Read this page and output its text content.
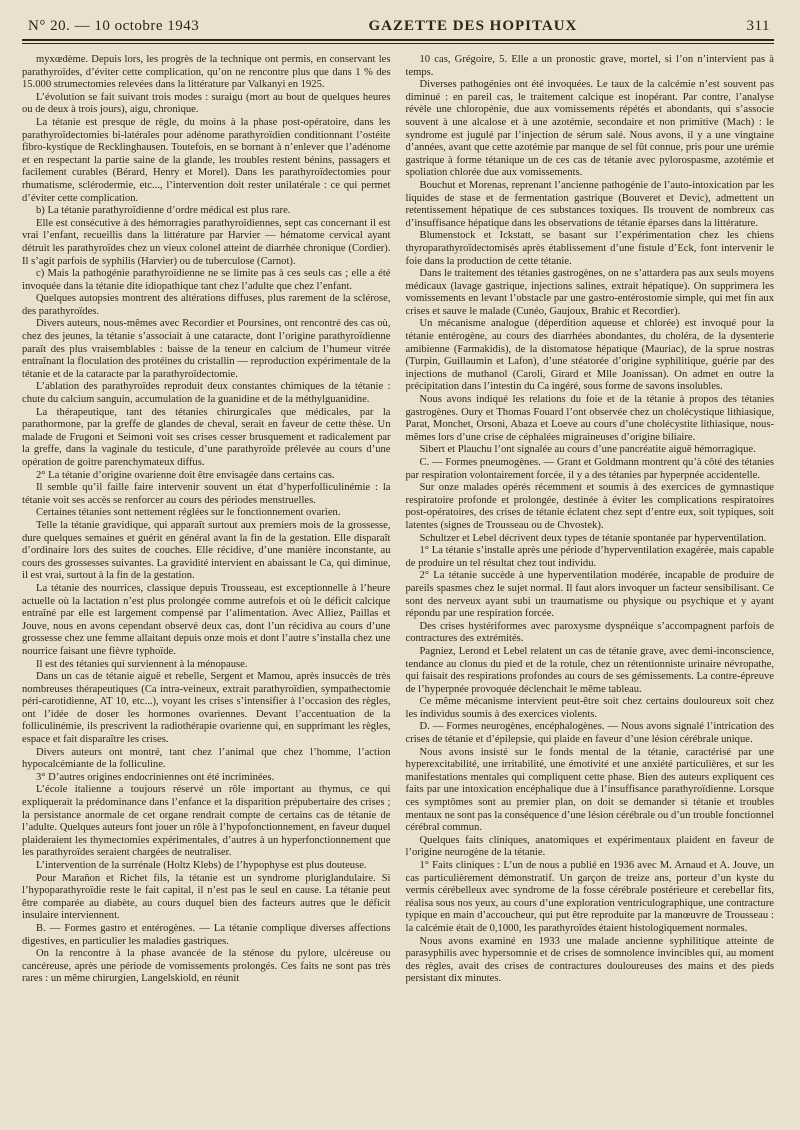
N° 20. — 10 octobre 1943	GAZETTE DES HOPITAUX	311

myxœdème. Depuis lors, les progrès de la technique ont permis, en conservant les parathyroïdes, d’éviter cette complication, qu’on ne rencontre plus que dans 1 % des 15.000 strumectomies relevées dans la littérature par Valkanyi en 1925.

L’évolution se fait suivant trois modes : suraigu (mort au bout de quelques heures ou de deux à trois jours), aigu, chronique.

La tétanie est presque de règle, du moins à la phase post-opératoire, dans les parathyroïdectomies bi-latérales pour adénome parathyroïdien conditionnant l’ostéite fibro-kystique de Recklinghausen. Toutefois, en se bornant à n’enlever que l’adénome et en respectant la partie saine de la glande, les troubles restent bénins, passagers et facilement curables (Bérard, Henry et Morel). Dans les parathyroïdectomies pour rhumatisme, sclérodermie, etc..., l’intervention doit rester unilatérale : ce qui permet d’éviter cette complication.

b) La tétanie parathyroïdienne d’ordre médical est plus rare.

Elle est consécutive à des hémorragies parathyroïdiennes, sept cas concernant il est vrai l’enfant, recueillis dans la littérature par Harvier — hématome cervical ayant détruit les parathyroïdes chez un vieux colonel atteint de diarrhée chronique (Cordier). Il s’agit parfois de syphilis (Harvier) ou de tuberculose (Carnot).

c) Mais la pathogénie parathyroïdienne ne se limite pas à ces seuls cas ; elle a été invoquée dans la tétanie dite idiopathique tant chez l’adulte que chez l’enfant.

Quelques autopsies montrent des altérations diffuses, plus rarement de la sclérose, des parathyroïdes.

Divers auteurs, nous-mêmes avec Recordier et Poursines, ont rencontré des cas où, chez des jeunes, la tétanie s’associait à une cataracte, dont l’origine parathyroïdienne paraît des plus vraisemblables : baisse de la teneur en calcium de l’humeur vitrée entraînant la floculation des protéines du cristallin — reproduction expérimentale de la tétanie et de la cataracte par la parathyroïdectomie.

L’ablation des parathyroïdes reproduit deux constantes chimiques de la tétanie : chute du calcium sanguin, accumulation de la guanidine et de la méthylguanidine.

La thérapeutique, tant des tétanies chirurgicales que médicales, par la parathormone, par la greffe de glandes de cheval, serait en faveur de cette thèse. Un malade de Frugoni et Seimoni voit ses crises cesser brusquement et radicalement par la greffe, dans la vaginale du testicule, d’une parathyroïde prélevée au cours d’une opération de goitre parenchymateux diffus.

2° La tétanie d’origine ovarienne doit être envisagée dans certains cas.

Il semble qu’il faille faire intervenir souvent un état d’hyperfolliculinémie : la tétanie voit ses accès se renforcer au cours des périodes menstruelles.

Certaines tétanies sont nettement réglées sur le fonctionnement ovarien.

Telle la tétanie gravidique, qui apparaît surtout aux premiers mois de la grossesse, dure quelques semaines et guérit en général avant la fin de la gestation. Elle disparaît d’ordinaire lors des suites de couches. Elle récidive, d’une manière inconstante, au cours des grossesses suivantes. La gravidité intervient en abaissant le Ca, qui diminue, il est vrai, surtout à la fin de la gestation.

La tétanie des nourrices, classique depuis Trousseau, est exceptionnelle à l’heure actuelle où la lactation n’est plus prolongée comme autrefois et où le déficit calcique entraîné par elle est largement compensé par l’alimentation. Avec Alliez, Paillas et Jouve, nous en avons cependant observé deux cas, dont l’un récidiva au cours d’une grossesse chez une femme allaitant depuis onze mois et dont l’autre s’installa chez une nourrice faisant une fièvre typhoïde.

Il est des tétanies qui surviennent à la ménopause.

Dans un cas de tétanie aiguë et rebelle, Sergent et Mamou, après insuccès de très nombreuses thérapeutiques (Ca intra-veineux, extrait parathyroïdien, sympathectomie péri-carotidienne, AT 10, etc...), voyant les crises s’intensifier à l’occasion des règles, ont l’idée de doser les hormones ovariennes. Devant l’accentuation de la folliculinémie, ils prescrivent la radiothérapie ovarienne qui, en supprimant les règles, espace et fait disparaître les crises.

Divers auteurs ont montré, tant chez l’animal que chez l’homme, l’action hypocalcémiante de la folliculine.

3° D’autres origines endocriniennes ont été incriminées.

L’école italienne a toujours réservé un rôle important au thymus, ce qui expliquerait la prédominance dans l’enfance et la disparition prépubertaire des crises ; la persistance anormale de cet organe rendrait compte de certains cas de tétanie de l’adulte. Quelques auteurs font jouer un rôle à l’hypofonctionnement, en faveur duquel plaideraient les thymectomies expérimentales, d’autres à un hyperfonctionnement que les parathyroïdes seraient chargées de neutraliser.

L’intervention de la surrénale (Holtz Klebs) de l’hypophyse est plus douteuse.

Pour Marañon et Richet fils, la tétanie est un syndrome pluriglandulaire. Si l’hypoparathyroïdie reste le fait capital, il n’est pas le seul en cause. La tétanie peut être comparée au diabète, au cours duquel bien des facteurs autres que le déficit insulaire interviennent.

B. — Formes gastro et entérogènes. — La tétanie complique diverses affections digestives, en particulier les maladies gastriques.

On la rencontre à la phase avancée de la sténose du pylore, ulcéreuse ou cancéreuse, après une période de vomissements prolongés. Ces faits ne sont pas très rares : un même chirurgien, Langelskiold, en réunit

10 cas, Grégoire, 5. Elle a un pronostic grave, mortel, si l’on n’intervient pas à temps.

Diverses pathogénies ont été invoquées. Le taux de la calcémie n’est souvent pas diminué : en pareil cas, le traitement calcique est inopérant. Par contre, l’analyse révèle une chloropénie, due aux vomissements répétés et abondants, qui s’associe souvent à une alcalose et à une azotémie, secondaire et non primitive (Mach) : le syndrome est jugulé par l’injection de sérum salé. Nous avons, il y a une vingtaine d’années, avant que cette azotémie par manque de sel fût connue, pris pour une urémie gastrique à forme tétanique un de ces cas de tétanie avec pylorospasme, azotémie et spoliation chlorée due aux vomissements.

Bouchut et Morenas, reprenant l’ancienne pathogénie de l’auto-intoxication par les liquides de stase et de fermentation gastrique (Bouveret et Devic), admettent un retentissement hépatique de ces substances toxiques. Ils trouvent de nombreux cas d’insuffisance hépatique dans les observations de tétanie éparses dans la littérature.

Blumenstock et Ickstatt, se basant sur l’expérimentation chez les chiens thyroparathyroïdectomisés après établissement d’une fistule d’Eck, font intervenir le foie dans la production de cette tétanie.

Dans le traitement des tétanies gastrogènes, on ne s’attardera pas aux seuls moyens médicaux (lavage gastrique, injections salines, extrait hépatique). On supprimera les vomissements en levant l’obstacle par une gastro-entérostomie simple, qui met fin aux crises et sauve le malade (Cunéo, Gaujoux, Brahic et Recordier).

Un mécanisme analogue (déperdition aqueuse et chlorée) est invoqué pour la tétanie entérogène, au cours des diarrhées abondantes, du choléra, de la dysenterie amibienne (Farmakidis), de la distomatose hépatique (Mauriac), de la sprue nostras (Turpin, Guillaumin et Lafon), d’une stéatorée d’origine syphilitique, guérie par des injections de muthanol (Caroli, Girard et Mlle Joanissan). On admet en outre la précipitation dans l’intestin du Ca ingéré, sous forme de savons insolubles.

Nous avons indiqué les relations du foie et de la tétanie à propos des tétanies gastrogènes. Oury et Thomas Fouard l’ont observée chez un cholécystique lithiasique, Parat, Monchet, Orsoni, Abaza et Loeve au cours d’une cholécystite lithiasique, nous-mêmes lors d’une crise de céphalées migraineuses d’origine biliaire.

Sibert et Plauchu l’ont signalée au cours d’une pancréatite aiguë hémorragique.

C. — Formes pneumogènes. — Grant et Goldmann montrent qu’à côté des tétanies par respiration volontairement forcée, il y a des tétanies par hyperpnée accidentelle.

Sur onze malades opérés récemment et soumis à des exercices de gymnastique respiratoire profonde et prolongée, destinée à éviter les complications respiratoires post-opératoires, des crises de tétanie éclatent chez sept d’entre eux, soit typiques, soit latentes (signes de Trousseau ou de Chvostek).

Schultzer et Lebel décrivent deux types de tétanie spontanée par hyperventilation.

1° La tétanie s’installe après une période d’hyperventilation exagérée, mais capable de produire un tel résultat chez tout individu.

2° La tétanie succède à une hyperventilation modérée, incapable de produire de pareils spasmes chez le sujet normal. Il faut alors invoquer un facteur sensibilisant. Ce sont des nerveux ayant subi un traumatisme ou physique ou psychique et y ayant répondu par une respiration forcée.

Des crises hystériformes avec paroxysme dyspnéique s’accompagnent parfois de contractures des extrémités.

Pagniez, Lerond et Lebel relatent un cas de tétanie grave, avec demi-inconscience, tendance au clonus du pied et de la rotule, chez un rétentionniste urinaire névropathe, qui faisait des respirations profondes au cours de ses gémissements. La contre-épreuve de l’hyperpnée provoquée déclenchait le même tableau.

Ce même mécanisme intervient peut-être soit chez certains douloureux soit chez les individus soumis à des exercices violents.

D. — Formes neurogènes, encéphalogènes. — Nous avons signalé l’intrication des crises de tétanie et d’épilepsie, qui plaide en faveur d’une lésion cérébrale unique.

Nous avons insisté sur le fonds mental de la tétanie, caractérisé par une hyperexcitabilité, une irritabilité, une émotivité et une anxiété particulières, et sur les manifestations mentales qui compliquent cette phase. Bien des auteurs expliquent ces faits par une intoxication encéphalique due à l’insuffisance parathyroïdienne. Lorsque ces symptômes sont au premier plan, on doit se demander si tétanie et troubles mentaux ne sont pas la conséquence d’une lésion cérébrale ou d’un trouble fonctionnel cérébral commun.

Quelques faits cliniques, anatomiques et expérimentaux plaident en faveur de l’origine neurogène de la tétanie.

1° Faits cliniques : L’un de nous a publié en 1936 avec M. Arnaud et A. Jouve, un cas particulièrement démonstratif. Un garçon de treize ans, porteur d’un kyste du vermis cérébelleux avec syndrome de la fosse cérébrale postérieure et cerebellar fits, réalisa sous nos yeux, au cours d’une exploration ventriculographique, une contracture typique en main d’accoucheur, qui put être reproduite par la manœuvre de Trousseau : la calcémie était de 0,1000, les parathyroïdes étaient histologiquement normales.

Nous avons examiné en 1933 une malade ancienne syphilitique atteinte de parasyphilis avec hypersomnie et de crises de somnolence invincibles qui, au moment des règles, avait des crises de contractures douloureuses des mains et des pieds persistant dix minutes.
